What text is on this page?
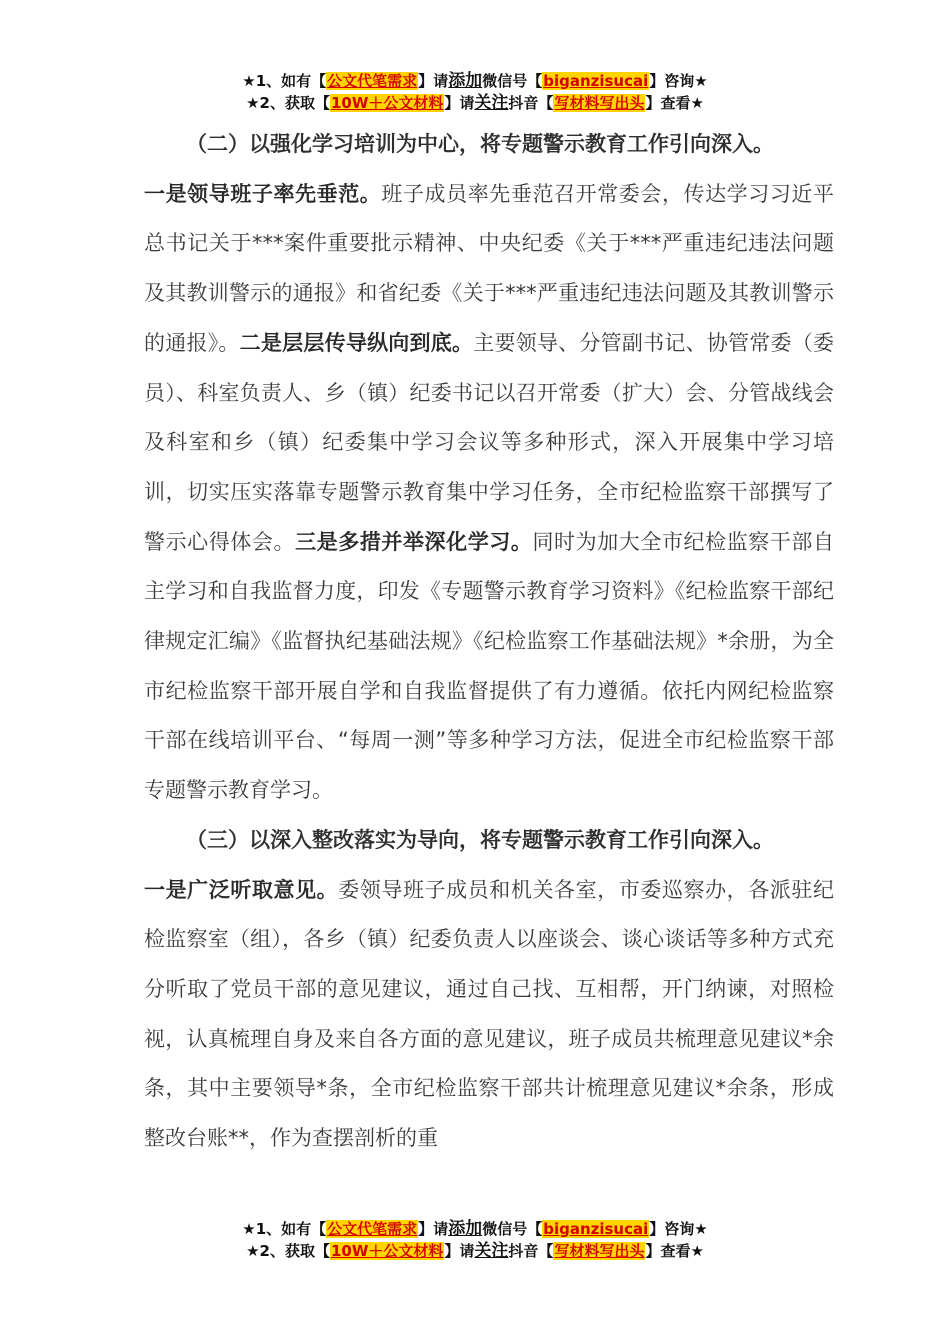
★1、如有【公文代笔需求】请添加微信号【biganzisucai】咨询★
★2、获取【10W＋公文材料】请关注抖音【写材料写出头】查看★

（二）以强化学习培训为中心，将专题警示教育工作引向深入。

一是领导班子率先垂范。班子成员率先垂范召开常委会，传达学习习近平总书记关于***案件重要批示精神、中央纪委《关于***严重违纪违法问题及其教训警示的通报》和省纪委《关于***严重违纪违法问题及其教训警示的通报》。二是层层传导纵向到底。主要领导、分管副书记、协管常委（委员）、科室负责人、乡（镇）纪委书记以召开常委（扩大）会、分管战线会及科室和乡（镇）纪委集中学习会议等多种形式，深入开展集中学习培训，切实压实落靠专题警示教育集中学习任务，全市纪检监察干部撰写了警示心得体会。三是多措并举深化学习。同时为加大全市纪检监察干部自主学习和自我监督力度，印发《专题警示教育学习资料》《纪检监察干部纪律规定汇编》《监督执纪基础法规》《纪检监察工作基础法规》*余册，为全市纪检监察干部开展自学和自我监督提供了有力遵循。依托内网纪检监察干部在线培训平台、“每周一测”等多种学习方法，促进全市纪检监察干部专题警示教育学习。

（三）以深入整改落实为导向，将专题警示教育工作引向深入。

一是广泛听取意见。委领导班子成员和机关各室，市委巡察办，各派驻纪检监察室（组），各乡（镇）纪委负责人以座谈会、谈心谈话等多种方式充分听取了党员干部的意见建议，通过自己找、互相帮，开门纳谏，对照检视，认真梳理自身及来自各方面的意见建议，班子成员共梳理意见建议*余条，其中主要领导*条，全市纪检监察干部共计梳理意见建议*余条，形成整改台账**，作为查摆剖析的重

★1、如有【公文代笔需求】请添加微信号【biganzisucai】咨询★
★2、获取【10W＋公文材料】请关注抖音【写材料写出头】查看★
